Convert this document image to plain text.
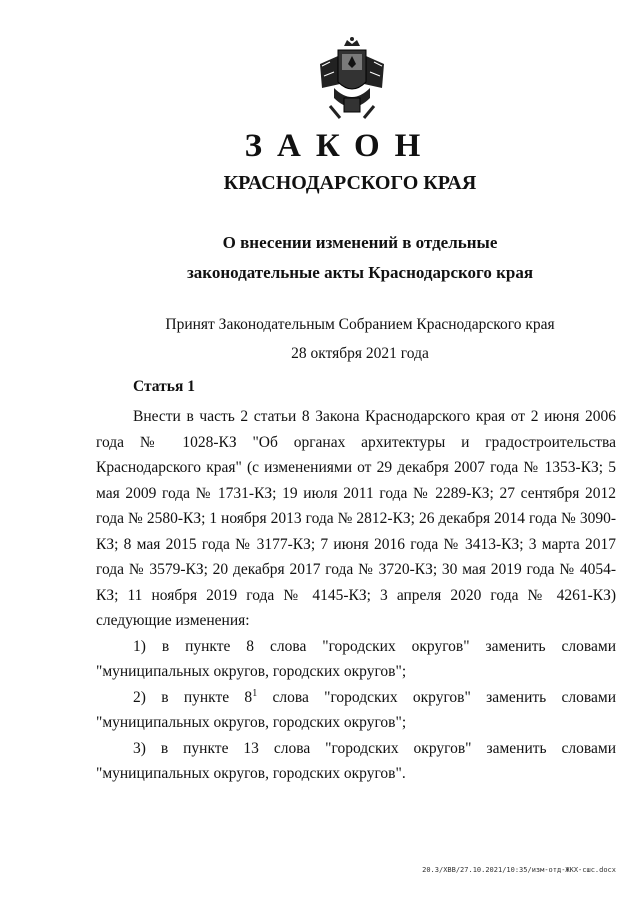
ЗАКОН
КРАСНОДАРСКОГО КРАЯ
О внесении изменений в отдельные
законодательные акты Краснодарского края
Принят Законодательным Собранием Краснодарского края
28 октября 2021 года
Статья 1

Внести в часть 2 статьи 8 Закона Краснодарского края от 2 июня 2006 года № 1028-КЗ "Об органах архитектуры и градостроительства Краснодарского края" (с изменениями от 29 декабря 2007 года № 1353-КЗ; 5 мая 2009 года № 1731-КЗ; 19 июля 2011 года № 2289-КЗ; 27 сентября 2012 года № 2580-КЗ; 1 ноября 2013 года № 2812-КЗ; 26 декабря 2014 года № 3090-КЗ; 8 мая 2015 года № 3177-КЗ; 7 июня 2016 года № 3413-КЗ; 3 марта 2017 года № 3579-КЗ; 20 декабря 2017 года № 3720-КЗ; 30 мая 2019 года № 4054-КЗ; 11 ноября 2019 года № 4145-КЗ; 3 апреля 2020 года № 4261-КЗ) следующие изменения:

1) в пункте 8 слова "городских округов" заменить словами "муниципальных округов, городских округов";

2) в пункте $8^1$ слова "городских округов" заменить словами "муниципальных округов, городских округов";

3) в пункте 13 слова "городских округов" заменить словами "муниципальных округов, городских округов".

20.3/ХВВ/27.10.2021/10:35/изм-отд-ЖКХ-сшс.docx
